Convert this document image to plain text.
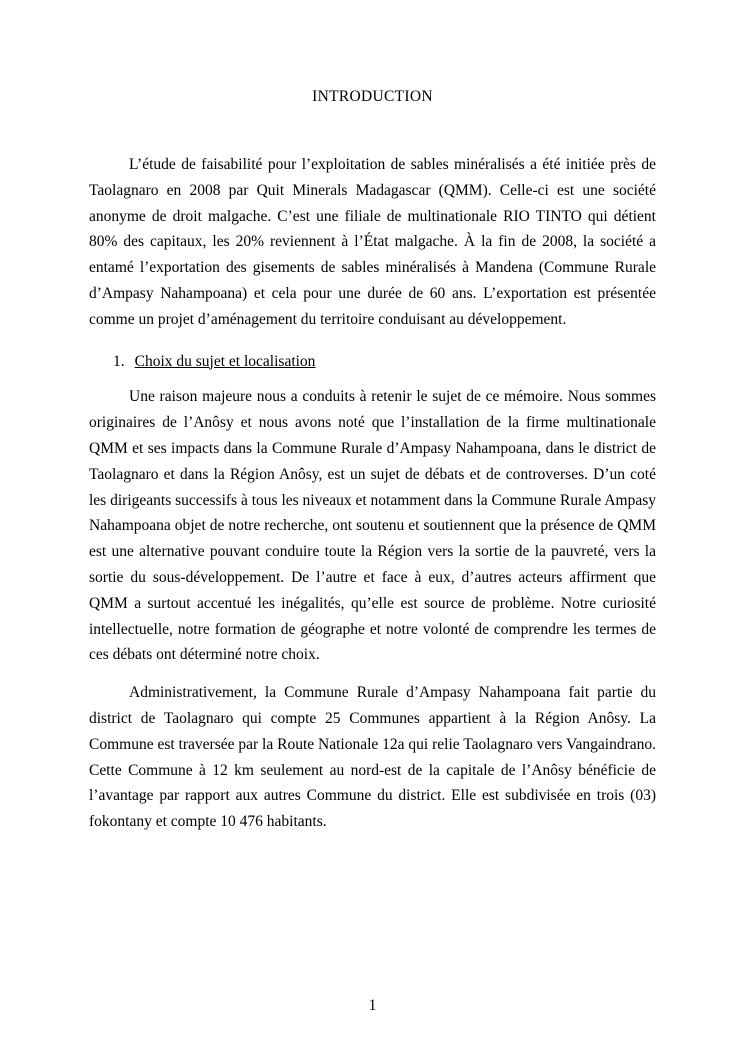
INTRODUCTION

L’étude de faisabilité pour l’exploitation de sables minéralisés a été initiée près de Taolagnaro en 2008 par Quit Minerals Madagascar (QMM). Celle-ci est une société anonyme de droit malgache. C’est une filiale de multinationale RIO TINTO qui détient 80% des capitaux, les 20% reviennent à l’État malgache. À la fin de 2008, la société a entamé l’exportation des gisements de sables minéralisés à Mandena (Commune Rurale d’Ampasy Nahampoana) et cela pour une durée de 60 ans. L’exportation est présentée comme un projet d’aménagement du territoire conduisant au développement.

1. Choix du sujet et localisation

Une raison majeure nous a conduits à retenir le sujet de ce mémoire. Nous sommes originaires de l’Anôsy et nous avons noté que l’installation de la firme multinationale QMM et ses impacts dans la Commune Rurale d’Ampasy Nahampoana, dans le district de Taolagnaro et dans la Région Anôsy, est un sujet de débats et de controverses. D’un coté les dirigeants successifs à tous les niveaux et notamment dans la Commune Rurale Ampasy Nahampoana objet de notre recherche, ont soutenu et soutiennent que la présence de QMM est une alternative pouvant conduire toute la Région vers la sortie de la pauvreté, vers la sortie du sous-développement. De l’autre et face à eux, d’autres acteurs affirment que QMM a surtout accentué les inégalités, qu’elle est source de problème. Notre curiosité intellectuelle, notre formation de géographe et notre volonté de comprendre les termes de ces débats ont déterminé notre choix.

Administrativement, la Commune Rurale d’Ampasy Nahampoana fait partie du district de Taolagnaro qui compte 25 Communes appartient à la Région Anôsy. La Commune est traversée par la Route Nationale 12a qui relie Taolagnaro vers Vangaindrano. Cette Commune à 12 km seulement au nord-est de la capitale de l’Anôsy bénéficie de l’avantage par rapport aux autres Commune du district. Elle est subdivisée en trois (03) fokontany et compte 10 476 habitants.

1
